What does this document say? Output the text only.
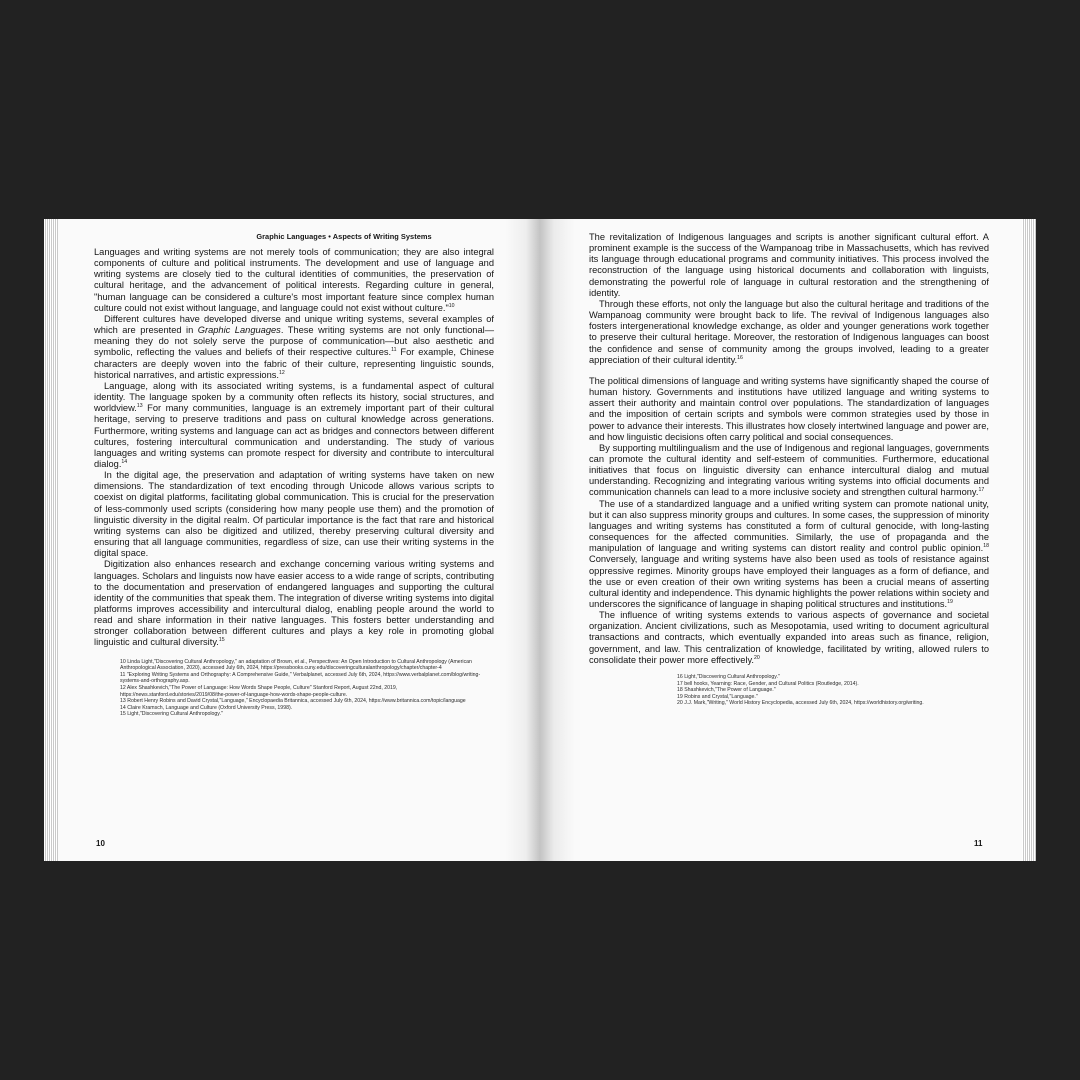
Graphic Languages • Aspects of Writing Systems

Languages and writing systems are not merely tools of communication; they are also integral components of culture and political instruments. The development and use of language and writing systems are closely tied to the cultural identities of communities, the preservation of cultural heritage, and the advancement of political interests. Regarding culture in general, "human language can be considered a culture's most important feature since complex human culture could not exist without language, and language could not exist without culture."$^{10}$

Different cultures have developed diverse and unique writing systems, several examples of which are presented in Graphic Languages. These writing systems are not only functional—meaning they do not solely serve the purpose of communication—but also aesthetic and symbolic, reflecting the values and beliefs of their respective cultures.$^{11}$ For example, Chinese characters are deeply woven into the fabric of their culture, representing linguistic sounds, historical narratives, and artistic expressions.$^{12}$

Language, along with its associated writing systems, is a fundamental aspect of cultural identity. The language spoken by a community often reflects its history, social structures, and worldview.$^{13}$ For many communities, language is an extremely important part of their cultural heritage, serving to preserve traditions and pass on cultural knowledge across generations. Furthermore, writing systems and language can act as bridges and connectors between different cultures, fostering intercultural communication and understanding. The study of various languages and writing systems can promote respect for diversity and contribute to intercultural dialog.$^{14}$

In the digital age, the preservation and adaptation of writing systems have taken on new dimensions. The standardization of text encoding through Unicode allows various scripts to coexist on digital platforms, facilitating global communication. This is crucial for the preservation of less-commonly used scripts (considering how many people use them) and the promotion of linguistic diversity in the digital realm. Of particular importance is the fact that rare and historical writing systems can also be digitized and utilized, thereby preserving cultural diversity and ensuring that all language communities, regardless of size, can use their writing systems in the digital space.

Digitization also enhances research and exchange concerning various writing systems and languages. Scholars and linguists now have easier access to a wide range of scripts, contributing to the documentation and preservation of endangered languages and supporting the cultural identity of the communities that speak them. The integration of diverse writing systems into digital platforms improves accessibility and intercultural dialog, enabling people around the world to read and share information in their native languages. This fosters better understanding and stronger collaboration between different cultures and plays a key role in promoting global linguistic and cultural diversity.$^{15}$

10 Linda Light,"Discovering Cultural Anthropology," an adaptation of Brown, et al., Perspectives: An Open Introduction to Cultural Anthropology (American Anthropological Association, 2020), accessed July 6th, 2024, https://pressbooks.cuny.edu/discoveringculturalanthropology/chapter/chapter-4
11 "Exploring Writing Systems and Orthography: A Comprehensive Guide," Verbalplanet, accessed July 6th, 2024, https://www.verbalplanet.com/blog/writing-systems-and-orthography.asp.
12 Alex Shashkevich,"The Power of Language: How Words Shape People, Culture" Stanford Report, August 22nd, 2019, https://news.stanford.edu/stories/2019/08/the-power-of-language-how-words-shape-people-culture.
13 Robert Henry Robins and David Crystal,"Language," Encyclopaedia Britannica, accessed July 6th, 2024, https://www.britannica.com/topic/language
14 Claire Kramsch, Language and Culture (Oxford University Press, 1998).
15 Light,"Discovering Cultural Anthropology."

The revitalization of Indigenous languages and scripts is another significant cultural effort. A prominent example is the success of the Wampanoag tribe in Massachusetts, which has revived its language through educational programs and community initiatives. This process involved the reconstruction of the language using historical documents and collaboration with linguists, demonstrating the powerful role of language in cultural restoration and the strengthening of identity.

Through these efforts, not only the language but also the cultural heritage and traditions of the Wampanoag community were brought back to life. The revival of Indigenous languages also fosters intergenerational knowledge exchange, as older and younger generations work together to preserve their cultural heritage. Moreover, the restoration of Indigenous languages can boost the confidence and sense of community among the groups involved, leading to a greater appreciation of their cultural identity.$^{16}$

The political dimensions of language and writing systems have significantly shaped the course of human history. Governments and institutions have utilized language and writing systems to assert their authority and maintain control over populations. The standardization of languages and the imposition of certain scripts and symbols were common strategies used by those in power to advance their interests. This illustrates how closely intertwined language and power are, and how linguistic decisions often carry political and social consequences.

By supporting multilingualism and the use of Indigenous and regional languages, governments can promote the cultural identity and self-esteem of communities. Furthermore, educational initiatives that focus on linguistic diversity can enhance intercultural dialog and mutual understanding. Recognizing and integrating various writing systems into official documents and communication channels can lead to a more inclusive society and strengthen cultural harmony.$^{17}$

The use of a standardized language and a unified writing system can promote national unity, but it can also suppress minority groups and cultures. In some cases, the suppression of minority languages and writing systems has constituted a form of cultural genocide, with long-lasting consequences for the affected communities. Similarly, the use of propaganda and the manipulation of language and writing systems can distort reality and control public opinion.$^{18}$ Conversely, language and writing systems have also been used as tools of resistance against oppressive regimes. Minority groups have employed their languages as a form of defiance, and the use or even creation of their own writing systems has been a crucial means of asserting cultural identity and independence. This dynamic highlights the power relations within society and underscores the significance of language in shaping political structures and institutions.$^{19}$

The influence of writing systems extends to various aspects of governance and societal organization. Ancient civilizations, such as Mesopotamia, used writing to document agricultural transactions and contracts, which eventually expanded into areas such as finance, religion, government, and law. This centralization of knowledge, facilitated by writing, allowed rulers to consolidate their power more effectively.$^{20}$

16 Light,"Discovering Cultural Anthropology."
17 bell hooks, Yearning: Race, Gender, and Cultural Politics (Routledge, 2014).
18 Shashkevich,"The Power of Language."
19 Robins and Crystal,"Language."
20 J.J. Mark,"Writing," World History Encyclopedia, accessed July 6th, 2024, https://worldhistory.org/writing.
10	11
